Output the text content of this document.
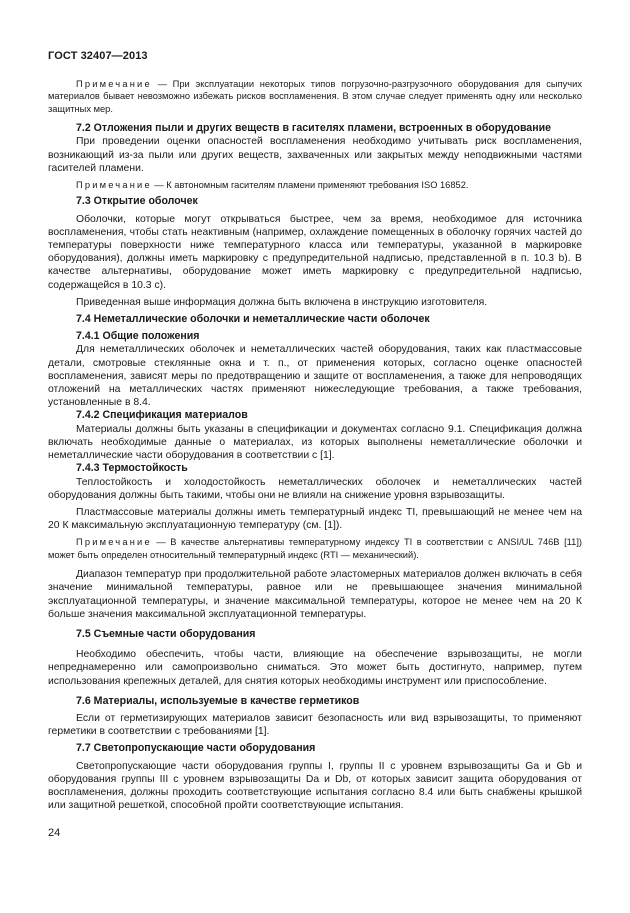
ГОСТ 32407—2013

Примечание — При эксплуатации некоторых типов погрузочно-разгрузочного оборудования для сыпучих материалов бывает невозможно избежать рисков воспламенения. В этом случае следует применять одну или несколько защитных мер.

7.2 Отложения пыли и других веществ в гасителях пламени, встроенных в оборудование

При проведении оценки опасностей воспламенения необходимо учитывать риск воспламенения, возникающий из-за пыли или других веществ, захваченных или закрытых между неподвижными частями гасителей пламени.

Примечание — К автономным гасителям пламени применяют требования ISO 16852.

7.3 Открытие оболочек

Оболочки, которые могут открываться быстрее, чем за время, необходимое для источника воспламенения, чтобы стать неактивным (например, охлаждение помещенных в оболочку горячих частей до температуры поверхности ниже температурного класса или температуры, указанной в маркировке оборудования), должны иметь маркировку с предупредительной надписью, представленной в п. 10.3 b). В качестве альтернативы, оборудование может иметь маркировку с предупредительной надписью, содержащейся в 10.3 c).

Приведенная выше информация должна быть включена в инструкцию изготовителя.

7.4 Неметаллические оболочки и неметаллические части оболочек

7.4.1 Общие положения

Для неметаллических оболочек и неметаллических частей оборудования, таких как пластмассовые детали, смотровые стеклянные окна и т. п., от применения которых, согласно оценке опасностей воспламенения, зависят меры по предотвращению и защите от воспламенения, а также для непроводящих отложений на металлических частях применяют нижеследующие требования, а также требования, установленные в 8.4.

7.4.2 Спецификация материалов

Материалы должны быть указаны в спецификации и документах согласно 9.1. Спецификация должна включать необходимые данные о материалах, из которых выполнены неметаллические оболочки и неметаллические части оборудования в соответствии с [1].

7.4.3 Термостойкость

Теплостойкость и холодостойкость неметаллических оболочек и неметаллических частей оборудования должны быть такими, чтобы они не влияли на снижение уровня взрывозащиты.

Пластмассовые материалы должны иметь температурный индекс TI, превышающий не менее чем на 20 К максимальную эксплуатационную температуру (см. [1]).

Примечание — В качестве альтернативы температурному индексу TI в соответствии с ANSI/UL 746B [11]) может быть определен относительный температурный индекс (RTI — механический).

Диапазон температур при продолжительной работе эластомерных материалов должен включать в себя значение минимальной температуры, равное или не превышающее значения минимальной эксплуатационной температуры, и значение максимальной температуры, которое не менее чем на 20 К больше значения максимальной эксплуатационной температуры.

7.5 Съемные части оборудования

Необходимо обеспечить, чтобы части, влияющие на обеспечение взрывозащиты, не могли непреднамеренно или самопроизвольно сниматься. Это может быть достигнуто, например, путем использования крепежных деталей, для снятия которых необходимы инструмент или приспособление.

7.6 Материалы, используемые в качестве герметиков

Если от герметизирующих материалов зависит безопасность или вид взрывозащиты, то применяют герметики в соответствии с требованиями [1].

7.7 Светопропускающие части оборудования

Светопропускающие части оборудования группы I, группы II с уровнем взрывозащиты Ga и Gb и оборудования группы III с уровнем взрывозащиты Da и Db, от которых зависит защита оборудования от воспламенения, должны проходить соответствующие испытания согласно 8.4 или быть снабжены крышкой или защитной решеткой, способной пройти соответствующие испытания.

24
